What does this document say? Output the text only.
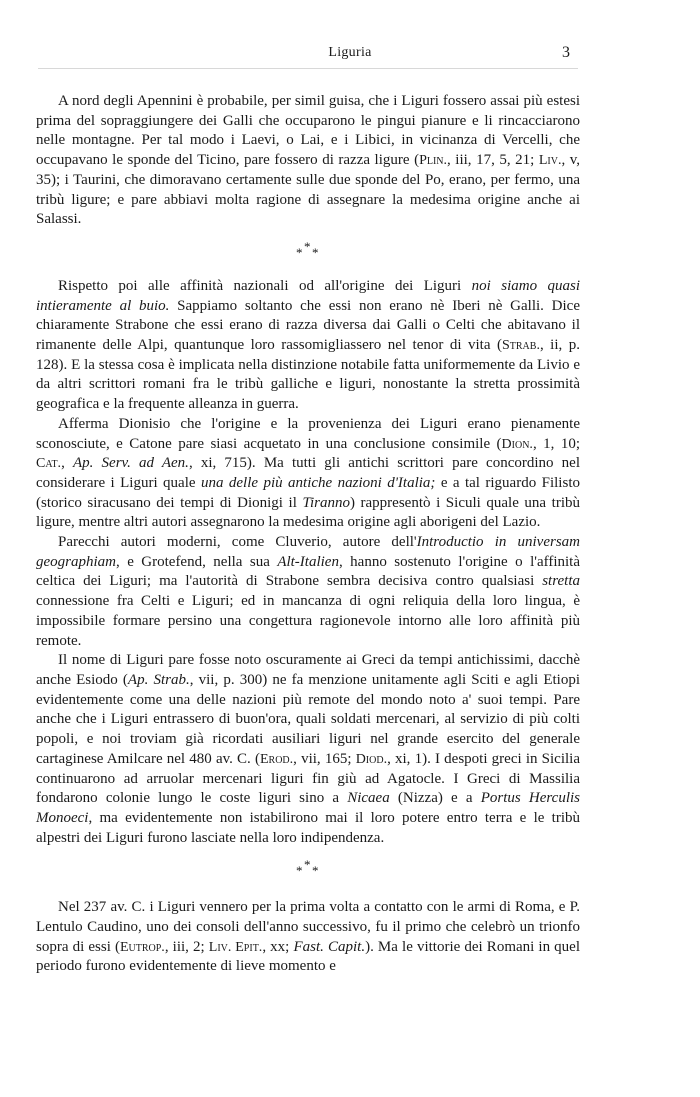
Liguria	3

A nord degli Apennini è probabile, per simil guisa, che i Liguri fossero assai più estesi prima del sopraggiungere dei Galli che occuparono le pingui pianure e li rincacciarono nelle montagne. Per tal modo i Laevi, o Lai, e i Libici, in vicinanza di Vercelli, che occupavano le sponde del Ticino, pare fossero di razza ligure (Plin., iii, 17, 5, 21; Liv., v, 35); i Taurini, che dimoravano certamente sulle due sponde del Po, erano, per fermo, una tribù ligure; e pare abbiavi molta ragione di assegnare la medesima origine anche ai Salassi.

* * *

Rispetto poi alle affinità nazionali od all'origine dei Liguri noi siamo quasi intieramente al buio. Sappiamo soltanto che essi non erano nè Iberi nè Galli. Dice chiaramente Strabone che essi erano di razza diversa dai Galli o Celti che abitavano il rimanente delle Alpi, quantunque loro rassomigliassero nel tenor di vita (Strab., ii, p. 128). E la stessa cosa è implicata nella distinzione notabile fatta uniformemente da Livio e da altri scrittori romani fra le tribù galliche e liguri, nonostante la stretta prossimità geografica e la frequente alleanza in guerra.

Afferma Dionisio che l'origine e la provenienza dei Liguri erano pienamente sconosciute, e Catone pare siasi acquetato in una conclusione consimile (Dion., 1, 10; Cat., Ap. Serv. ad Aen., xi, 715). Ma tutti gli antichi scrittori pare concordino nel considerare i Liguri quale una delle più antiche nazioni d'Italia; e a tal riguardo Filisto (storico siracusano dei tempi di Dionigi il Tiranno) rappresentò i Siculi quale una tribù ligure, mentre altri autori assegnarono la medesima origine agli aborigeni del Lazio.

Parecchi autori moderni, come Cluverio, autore dell'Introductio in universam geographiam, e Grotefend, nella sua Alt-Italien, hanno sostenuto l'origine o l'affinità celtica dei Liguri; ma l'autorità di Strabone sembra decisiva contro qualsiasi stretta connessione fra Celti e Liguri; ed in mancanza di ogni reliquia della loro lingua, è impossibile formare persino una congettura ragionevole intorno alle loro affinità più remote.

Il nome di Liguri pare fosse noto oscuramente ai Greci da tempi antichissimi, dacchè anche Esiodo (Ap. Strab., vii, p. 300) ne fa menzione unitamente agli Sciti e agli Etiopi evidentemente come una delle nazioni più remote del mondo noto a' suoi tempi. Pare anche che i Liguri entrassero di buon'ora, quali soldati mercenari, al servizio di più colti popoli, e noi troviam già ricordati ausiliari liguri nel grande esercito del generale cartaginese Amilcare nel 480 av. C. (Erod., vii, 165; Diod., xi, 1). I despoti greci in Sicilia continuarono ad arruolar mercenari liguri fin giù ad Agatocle. I Greci di Massilia fondarono colonie lungo le coste liguri sino a Nicaea (Nizza) e a Portus Herculis Monoeci, ma evidentemente non istabilirono mai il loro potere entro terra e le tribù alpestri dei Liguri furono lasciate nella loro indipendenza.

* * *

Nel 237 av. C. i Liguri vennero per la prima volta a contatto con le armi di Roma, e P. Lentulo Caudino, uno dei consoli dell'anno successivo, fu il primo che celebrò un trionfo sopra di essi (Eutrop., iii, 2; Liv. Epit., xx; Fast. Capit.). Ma le vittorie dei Romani in quel periodo furono evidentemente di lieve momento e
